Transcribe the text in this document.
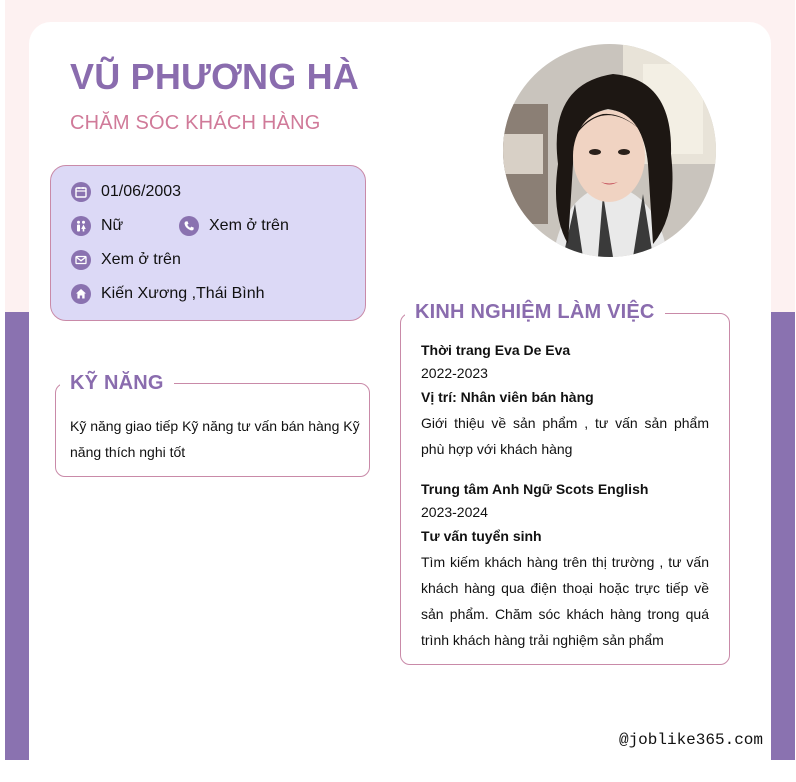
VŨ PHƯƠNG HÀ
CHĂM SÓC KHÁCH HÀNG
01/06/2003
Nữ	Xem ở trên
Xem ở trên
Kiến Xương ,Thái Bình
KỸ NĂNG
Kỹ năng giao tiếp Kỹ năng tư vấn bán hàng Kỹ năng thích nghi tốt
KINH NGHIỆM LÀM VIỆC
Thời trang Eva De Eva
2022-2023
Vị trí: Nhân viên bán hàng
Giới thiệu về sản phẩm , tư vấn sản phẩm phù hợp với khách hàng
Trung tâm Anh Ngữ Scots English
2023-2024
Tư vấn tuyển sinh
Tìm kiếm khách hàng trên thị trường , tư vấn khách hàng qua điện thoại hoặc trực tiếp về sản phẩm. Chăm sóc khách hàng trong quá trình khách hàng trải nghiệm sản phẩm
@joblike365.com
